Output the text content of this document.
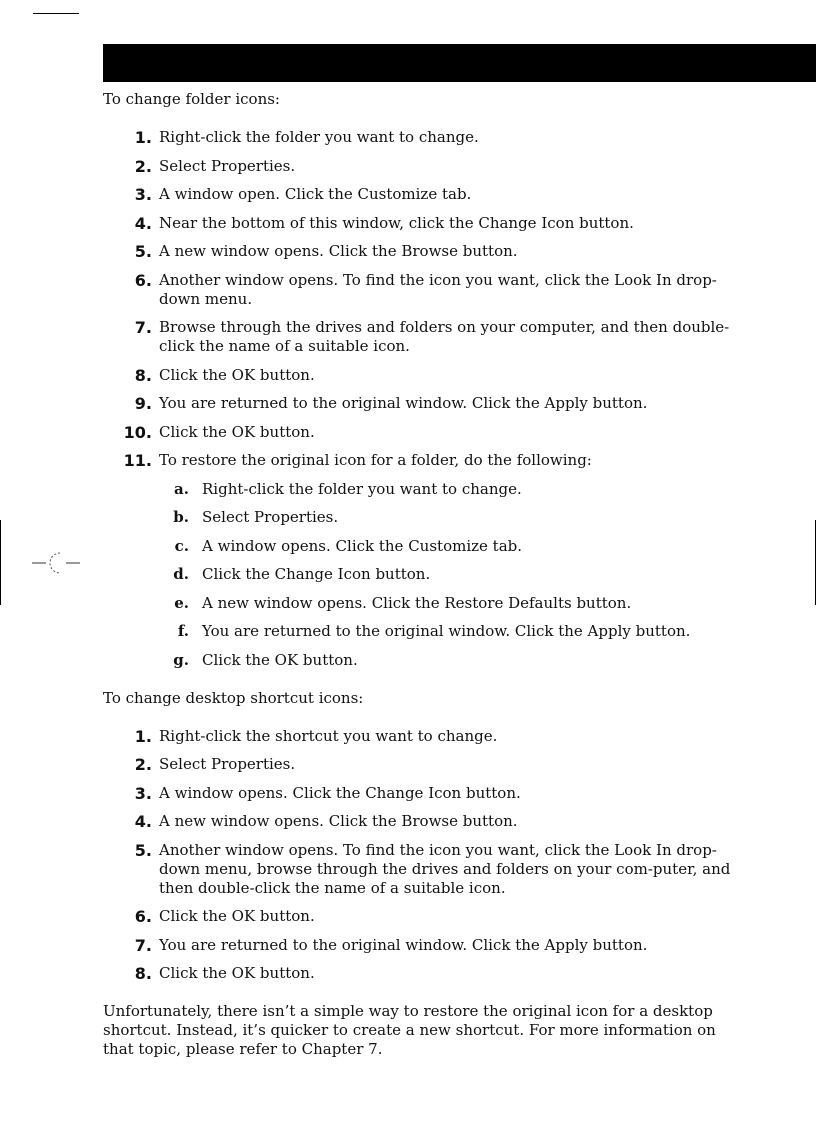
To change folder icons:

1. Right-click the folder you want to change.
2. Select Properties.
3. A window open. Click the Customize tab.
4. Near the bottom of this window, click the Change Icon button.
5. A new window opens. Click the Browse button.
6. Another window opens. To find the icon you want, click the Look In drop-down menu.
7. Browse through the drives and folders on your computer, and then double-click the name of a suitable icon.
8. Click the OK button.
9. You are returned to the original window. Click the Apply button.
10. Click the OK button.
11. To restore the original icon for a folder, do the following:
a. Right-click the folder you want to change.
b. Select Properties.
c. A window opens. Click the Customize tab.
d. Click the Change Icon button.
e. A new window opens. Click the Restore Defaults button.
f. You are returned to the original window. Click the Apply button.
g. Click the OK button.

To change desktop shortcut icons:

1. Right-click the shortcut you want to change.
2. Select Properties.
3. A window opens. Click the Change Icon button.
4. A new window opens. Click the Browse button.
5. Another window opens. To find the icon you want, click the Look In drop-down menu, browse through the drives and folders on your com-puter, and then double-click the name of a suitable icon.
6. Click the OK button.
7. You are returned to the original window. Click the Apply button.
8. Click the OK button.

Unfortunately, there isn’t a simple way to restore the original icon for a desktop shortcut. Instead, it’s quicker to create a new shortcut. For more information on that topic, please refer to Chapter 7.
